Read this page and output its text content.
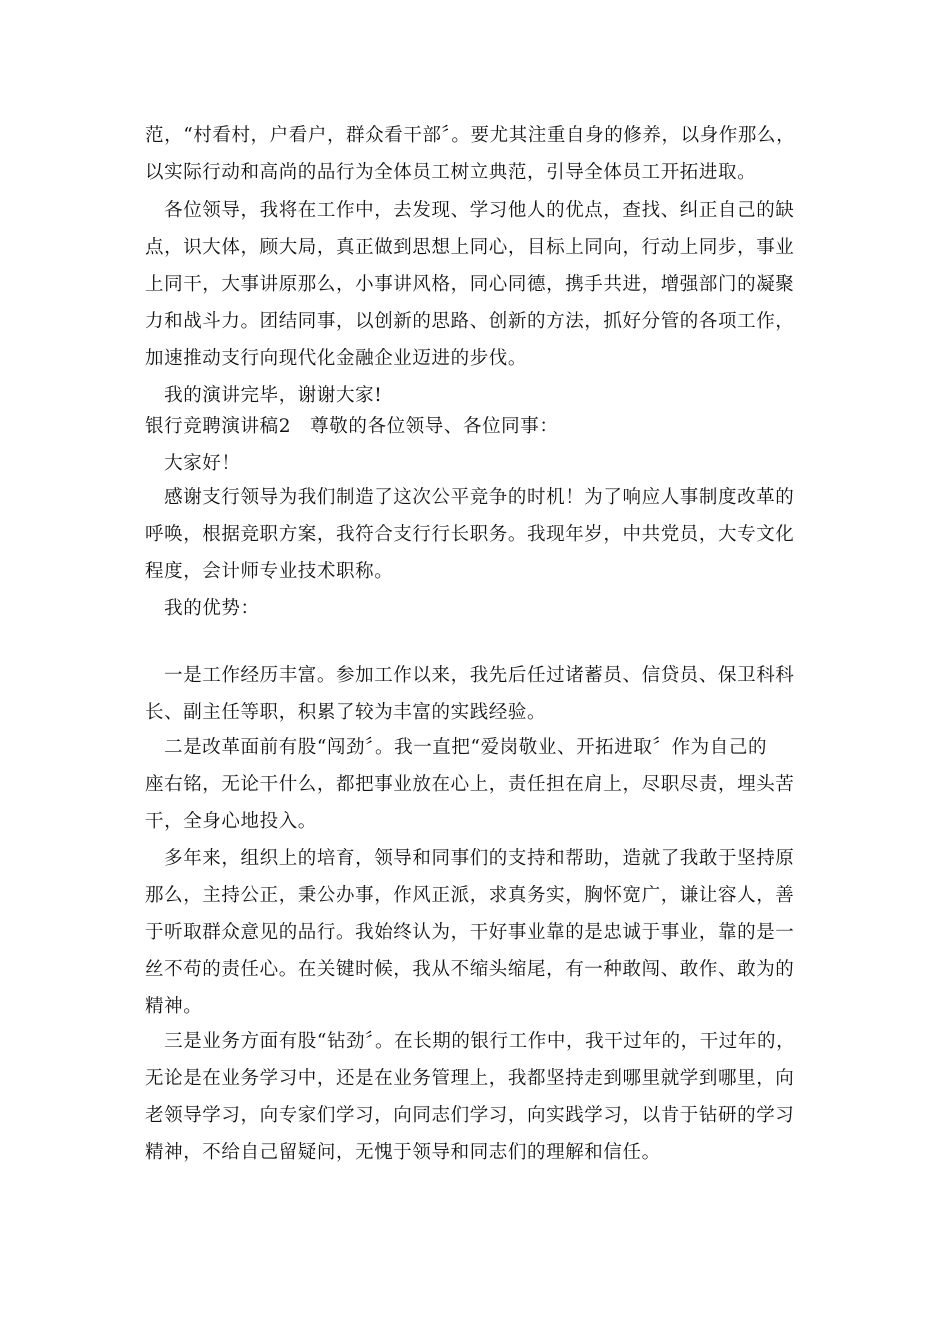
范，“村看村，户看户，群众看干部〞。要尤其注重自身的修养，以身作那么，
以实际行动和高尚的品行为全体员工树立典范，引导全体员工开拓进取。
　各位领导，我将在工作中，去发现、学习他人的优点，查找、纠正自己的缺
点，识大体，顾大局，真正做到思想上同心，目标上同向，行动上同步，事业
上同干，大事讲原那么，小事讲风格，同心同德，携手共进，增强部门的凝聚
力和战斗力。团结同事，以创新的思路、创新的方法，抓好分管的各项工作，
加速推动支行向现代化金融企业迈进的步伐。
　我的演讲完毕，谢谢大家!
银行竞聘演讲稿2　尊敬的各位领导、各位同事：
　大家好！
　感谢支行领导为我们制造了这次公平竞争的时机！为了响应人事制度改革的
呼唤，根据竞职方案，我符合支行行长职务。我现年岁，中共党员，大专文化
程度，会计师专业技术职称。
　我的优势：
　一是工作经历丰富。参加工作以来，我先后任过诸蓄员、信贷员、保卫科科
长、副主任等职，积累了较为丰富的实践经验。
　二是改革面前有股“闯劲〞。我一直把“爱岗敬业、开拓进取〞作为自己的
座右铭，无论干什么，都把事业放在心上，责任担在肩上，尽职尽责，埋头苦
干，全身心地投入。
　多年来，组织上的培育，领导和同事们的支持和帮助，造就了我敢于坚持原
那么，主持公正，秉公办事，作风正派，求真务实，胸怀宽广，谦让容人，善
于听取群众意见的品行。我始终认为，干好事业靠的是忠诚于事业，靠的是一
丝不苟的责任心。在关键时候，我从不缩头缩尾，有一种敢闯、敢作、敢为的
精神。
　三是业务方面有股“钻劲〞。在长期的银行工作中，我干过年的，干过年的，
无论是在业务学习中，还是在业务管理上，我都坚持走到哪里就学到哪里，向
老领导学习，向专家们学习，向同志们学习，向实践学习，以肯于钻研的学习
精神，不给自己留疑问，无愧于领导和同志们的理解和信任。
